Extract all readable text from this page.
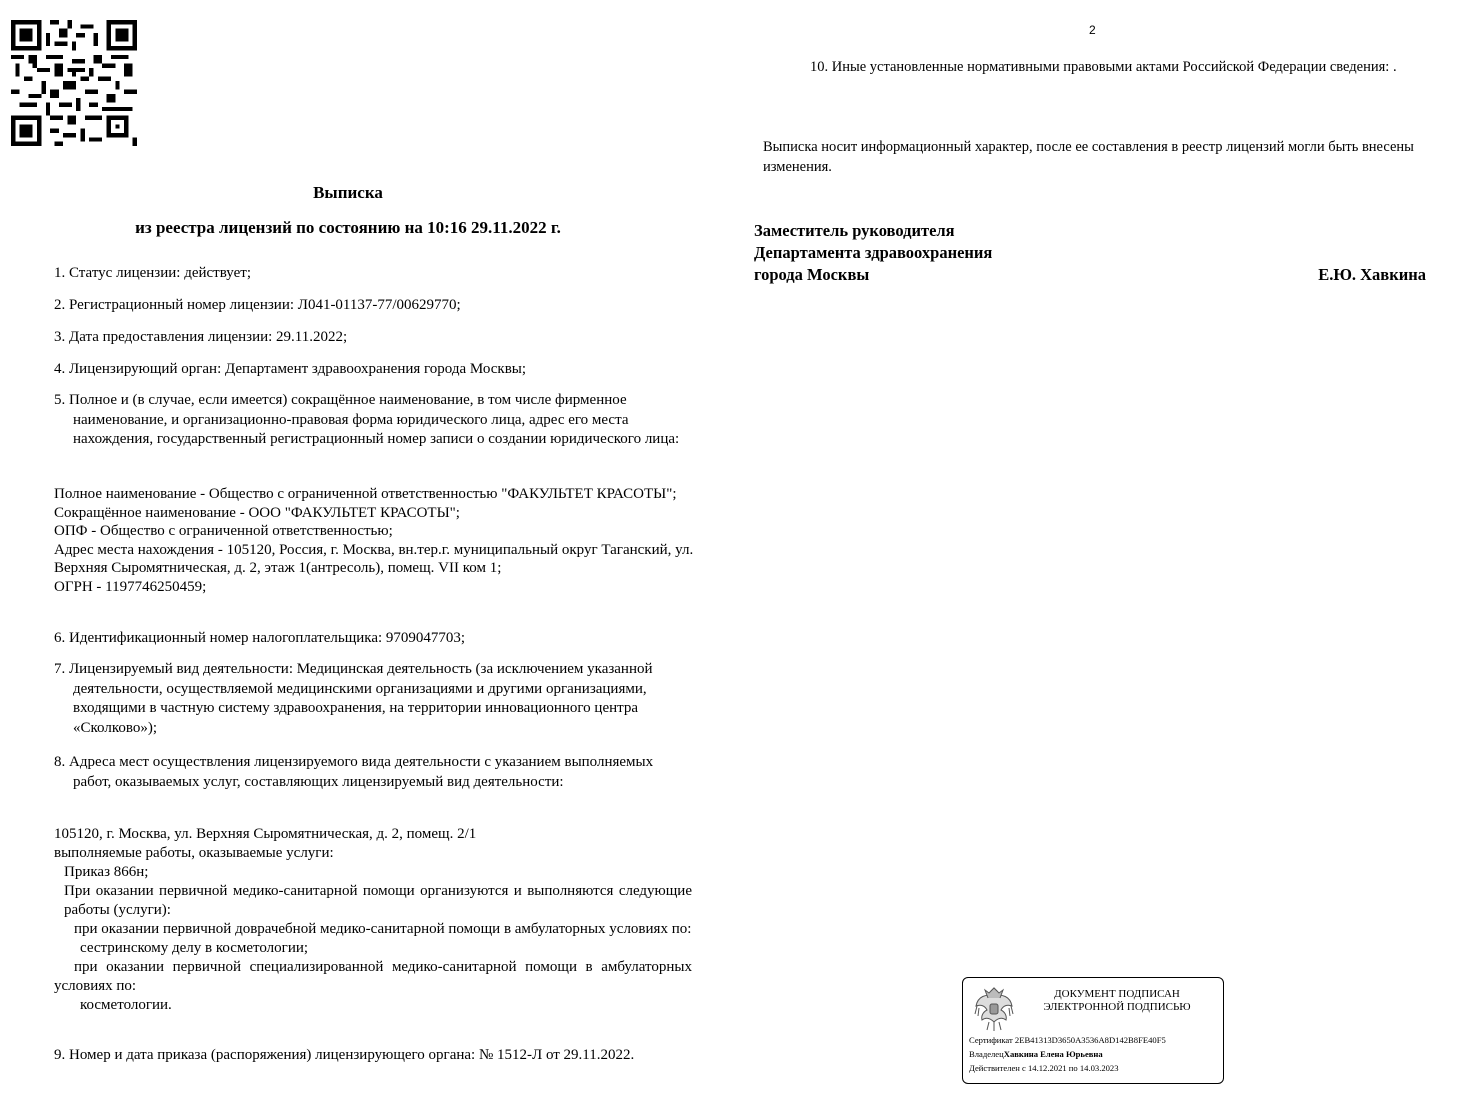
Выписка
из реестра лицензий по состоянию на 10:16 29.11.2022 г.
1. Статус лицензии: действует;
2. Регистрационный номер лицензии: Л041-01137-77/00629770;
3. Дата предоставления лицензии: 29.11.2022;
4. Лицензирующий орган: Департамент здравоохранения города Москвы;
5. Полное и (в случае, если имеется) сокращённое наименование, в том числе фирменное наименование, и организационно-правовая форма юридического лица, адрес его места нахождения, государственный регистрационный номер записи о создании юридического лица:
Полное наименование - Общество с ограниченной ответственностью "ФАКУЛЬТЕТ КРАСОТЫ";
Сокращённое наименование - ООО "ФАКУЛЬТЕТ КРАСОТЫ";
ОПФ - Общество с ограниченной ответственностью;
Адрес места нахождения - 105120, Россия, г. Москва, вн.тер.г. муниципальный округ Таганский, ул. Верхняя Сыромятническая, д. 2, этаж 1(антресоль), помещ. VII ком 1;
ОГРН - 1197746250459;
6. Идентификационный номер налогоплательщика: 9709047703;
7. Лицензируемый вид деятельности: Медицинская деятельность (за исключением указанной деятельности, осуществляемой медицинскими организациями и другими организациями, входящими в частную систему здравоохранения, на территории инновационного центра «Сколково»);
8. Адреса мест осуществления лицензируемого вида деятельности с указанием выполняемых работ, оказываемых услуг, составляющих лицензируемый вид деятельности:
105120, г. Москва, ул. Верхняя Сыромятническая, д. 2, помещ. 2/1
выполняемые работы, оказываемые услуги:
Приказ 866н;
При оказании первичной медико-санитарной помощи организуются и выполняются следующие работы (услуги):
при оказании первичной доврачебной медико-санитарной помощи в амбулаторных условиях по:
сестринскому делу в косметологии;
при оказании первичной специализированной медико-санитарной помощи в амбулаторных условиях по:
косметологии.
9. Номер и дата приказа (распоряжения) лицензирующего органа: № 1512-Л от 29.11.2022.
2
10. Иные установленные нормативными правовыми актами Российской Федерации сведения: .
Выписка носит информационный характер, после ее составления в реестр лицензий могли быть внесены изменения.
Заместитель руководителя
Департамента здравоохранения
города Москвы	Е.Ю. Хавкина
ДОКУМЕНТ ПОДПИСАН
ЭЛЕКТРОННОЙ ПОДПИСЬЮ
Сертификат 2EB41313D3650A3536A8D142B8FE40F5
ВладелецХавкина Елена Юрьевна
Действителен с 14.12.2021 по 14.03.2023
